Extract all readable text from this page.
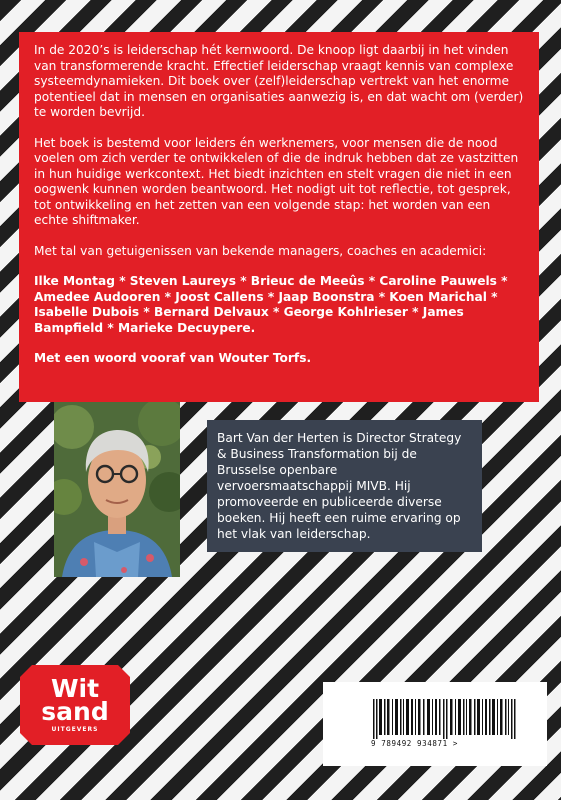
In de 2020’s is leiderschap hét kernwoord. De knoop ligt daarbij in het vinden van transformerende kracht. Effectief leiderschap vraagt kennis van complexe systeemdynamieken. Dit boek over (zelf)leiderschap vertrekt van het enorme potentieel dat in mensen en organisaties aanwezig is, en dat wacht om (verder) te worden bevrijd.

Het boek is bestemd voor leiders én werknemers, voor mensen die de nood voelen om zich verder te ontwikkelen of die de indruk hebben dat ze vastzitten in hun huidige werkcontext. Het biedt inzichten en stelt vragen die niet in een oogwenk kunnen worden beantwoord. Het nodigt uit tot reflectie, tot gesprek, tot ontwikkeling en het zetten van een volgende stap: het worden van een echte shiftmaker.

Met tal van getuigenissen van bekende managers, coaches en academici:

Ilke Montag * Steven Laureys * Brieuc de Meeûs * Caroline Pauwels * Amedee Audooren * Joost Callens * Jaap Boonstra * Koen Marichal * Isabelle Dubois * Bernard Delvaux * George Kohlrieser * James Bampfield * Marieke Decuypere.

Met een woord vooraf van Wouter Torfs.

Bart Van der Herten is Director Strategy & Business Transformation bij de Brusselse openbare vervoersmaatschappij MIVB. Hij promoveerde en publiceerde diverse boeken. Hij heeft een ruime ervaring op het vlak van leiderschap.
Wit
sand
UITGEVERS
9 789492 934871 >
